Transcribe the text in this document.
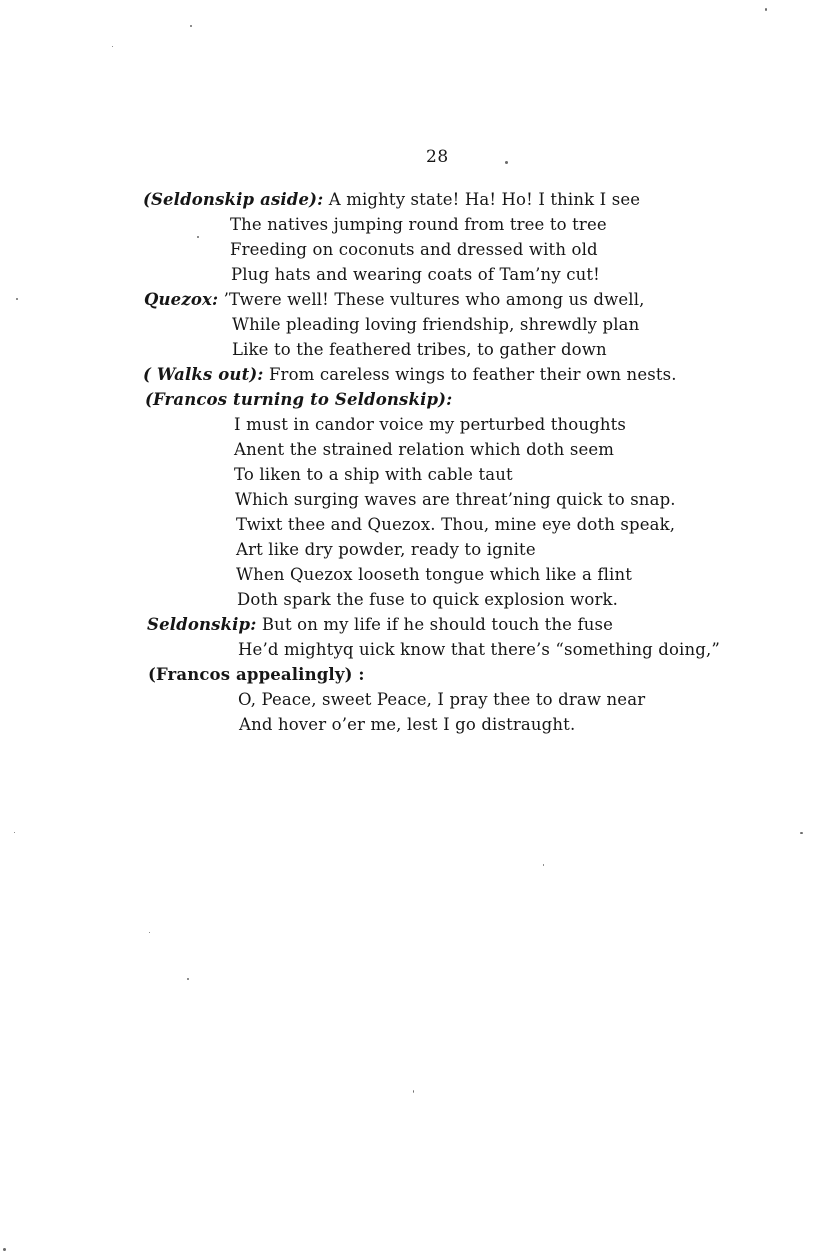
28
(Seldonskip aside): A mighty state! Ha! Ho! I think I see
The natives jumping round from tree to tree
Freeding on coconuts and dressed with old
Plug hats and wearing coats of Tam’ny cut!
Quezox: ’Twere well! These vultures who among us dwell,
While pleading loving friendship, shrewdly plan
Like to the feathered tribes, to gather down
( Walks out): From careless wings to feather their own nests.
(Francos turning to Seldonskip):
I must in candor voice my perturbed thoughts
Anent the strained relation which doth seem
To liken to a ship with cable taut
Which surging waves are threat’ning quick to snap.
Twixt thee and Quezox. Thou, mine eye doth speak,
Art like dry powder, ready to ignite
When Quezox looseth tongue which like a flint
Doth spark the fuse to quick explosion work.
Seldonskip: But on my life if he should touch the fuse
He’d mightyq uick know that there’s “something doing,”
(Francos appealingly) :
O, Peace, sweet Peace, I pray thee to draw near
And hover o’er me, lest I go distraught.
